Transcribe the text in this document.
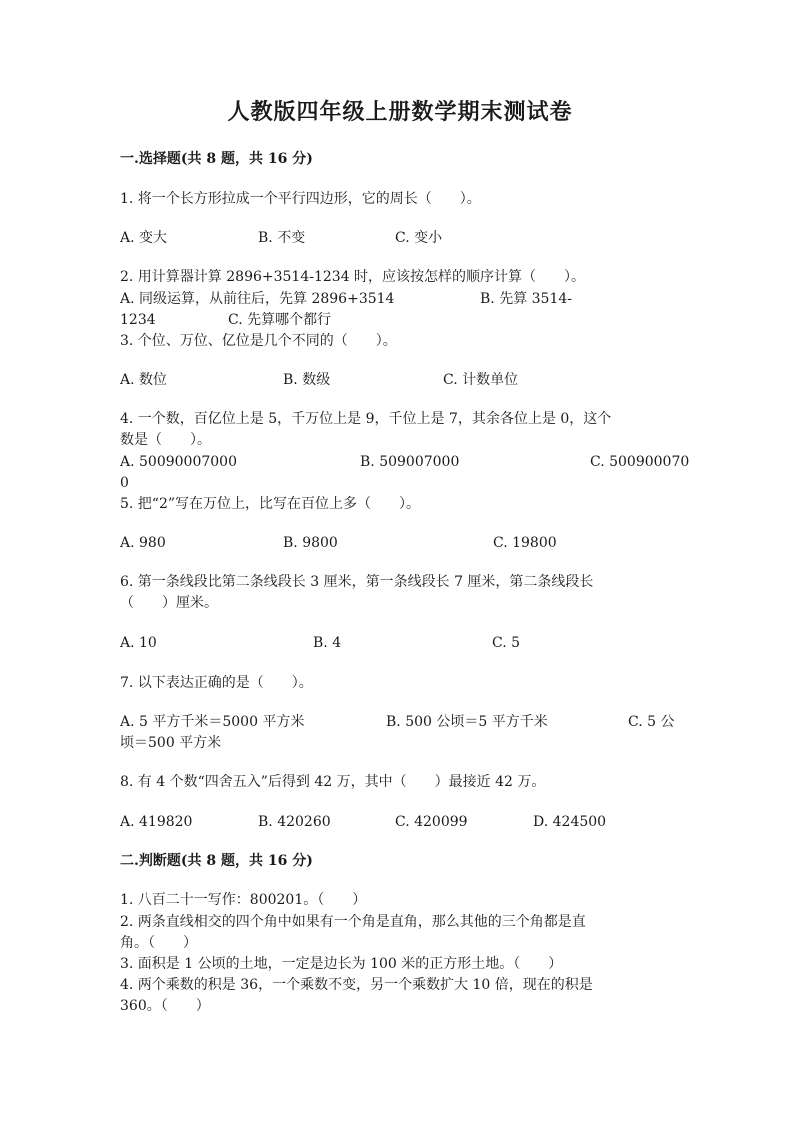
人教版四年级上册数学期末测试卷
一.选择题(共 8 题，共 16 分)
1. 将一个长方形拉成一个平行四边形，它的周长（　　）。
A. 变大	B. 不变	C. 变小
2. 用计算器计算 2896+3514-1234 时，应该按怎样的顺序计算（　　）。
A. 同级运算，从前往后，先算 2896+3514	B. 先算 3514-
1234	C. 先算哪个都行
3. 个位、万位、亿位是几个不同的（　　）。
A. 数位	B. 数级	C. 计数单位
4. 一个数，百亿位上是 5，千万位上是 9，千位上是 7，其余各位上是 0，这个
数是（　　）。
A. 50090007000	B. 509007000	C. 500900070
0
5. 把“2”写在万位上，比写在百位上多（　　）。
A. 980	B. 9800	C. 19800
6. 第一条线段比第二条线段长 3 厘米，第一条线段长 7 厘米，第二条线段长
（　　）厘米。
A. 10	B. 4	C. 5
7. 以下表达正确的是（　　）。
A. 5 平方千米＝5000 平方米	B. 500 公顷＝5 平方千米	C. 5 公
顷＝500 平方米
8. 有 4 个数“四舍五入”后得到 42 万，其中（　　）最接近 42 万。
A. 419820	B. 420260	C. 420099	D. 424500
二.判断题(共 8 题，共 16 分)
1. 八百二十一写作：800201。（　　）
2. 两条直线相交的四个角中如果有一个角是直角，那么其他的三个角都是直
角。（　　）
3. 面积是 1 公顷的土地，一定是边长为 100 米的正方形土地。（　　）
4. 两个乘数的积是 36，一个乘数不变，另一个乘数扩大 10 倍，现在的积是
360。（　　）
